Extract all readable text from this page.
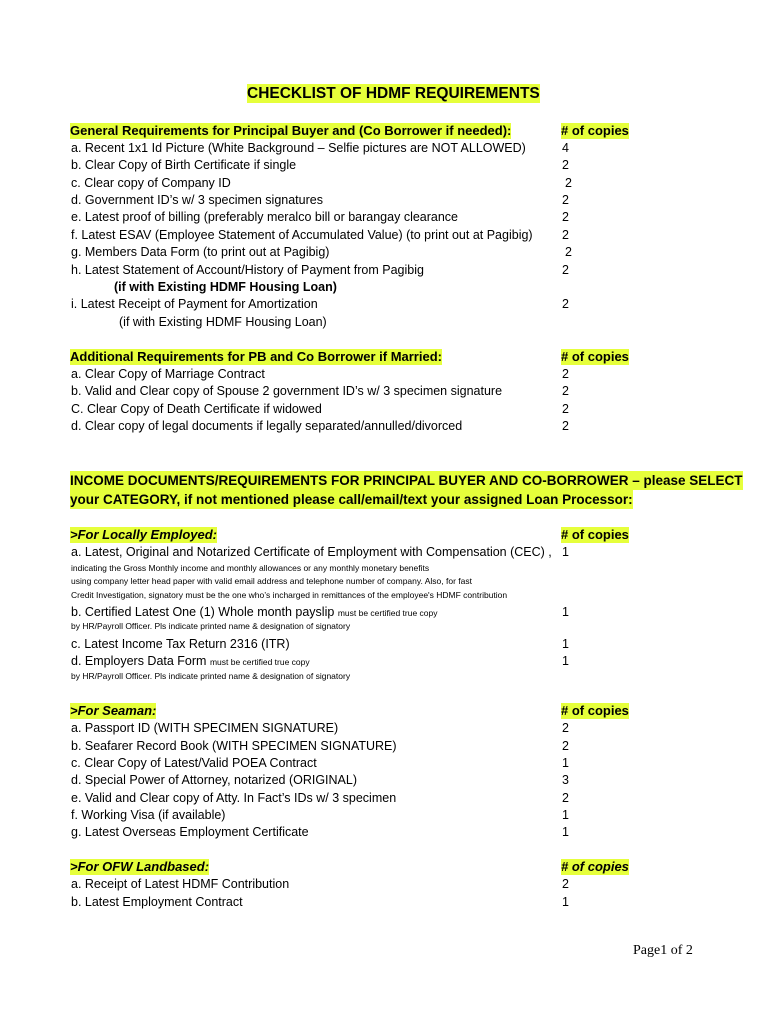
CHECKLIST OF HDMF REQUIREMENTS
General Requirements for Principal Buyer and (Co Borrower if needed):	# of copies
a. Recent 1x1 Id Picture (White Background – Selfie pictures are NOT ALLOWED)	4
b. Clear Copy of Birth Certificate if single	2
c. Clear copy of Company ID	2
d. Government ID’s w/ 3 specimen signatures	2
e. Latest proof of billing (preferably meralco bill or barangay clearance	2
f. Latest ESAV (Employee Statement of Accumulated Value) (to print out at Pagibig) 2
g. Members Data Form (to print out at Pagibig)	2
h. Latest Statement of Account/History of Payment from Pagibig	2
(if with Existing HDMF Housing Loan)
i. Latest Receipt of Payment for Amortization	2
(if with Existing HDMF Housing Loan)
Additional Requirements for PB and Co Borrower if Married:	# of copies
a. Clear Copy of Marriage Contract	2
b. Valid and Clear copy of Spouse 2 government ID’s w/ 3 specimen signature	2
C. Clear Copy of Death Certificate if widowed	2
d. Clear copy of legal documents if legally separated/annulled/divorced	2
INCOME DOCUMENTS/REQUIREMENTS FOR PRINCIPAL BUYER AND CO-BORROWER – please SELECT
your CATEGORY, if not mentioned please call/email/text your assigned Loan Processor:
>For Locally Employed:	# of copies
a. Latest, Original and Notarized Certificate of Employment with Compensation (CEC) , 1
indicating the Gross Monthly income and monthly allowances or any monthly monetary benefits
using company letter head paper with valid email address and telephone number of company. Also, for fast
Credit Investigation, signatory must be the one who’s incharged in remittances of the employee's HDMF contribution
b. Certified Latest One (1) Whole month payslip must be certified true copy	1
by HR/Payroll Officer. Pls indicate printed name & designation of signatory
c. Latest Income Tax Return 2316 (ITR)	1
d. Employers Data Form must be certified true copy	1
by HR/Payroll Officer. Pls indicate printed name & designation of signatory
>For Seaman:	# of copies
a. Passport ID (WITH SPECIMEN SIGNATURE)	2
b. Seafarer Record Book (WITH SPECIMEN SIGNATURE)	2
c. Clear Copy of Latest/Valid POEA Contract	1
d. Special Power of Attorney, notarized (ORIGINAL)	3
e. Valid and Clear copy of Atty. In Fact’s IDs w/ 3 specimen	2
f. Working Visa (if available)	1
g. Latest Overseas Employment Certificate	1
>For OFW Landbased:	# of copies
a. Receipt of Latest HDMF Contribution	2
b. Latest Employment Contract	1
Page1 of 2
